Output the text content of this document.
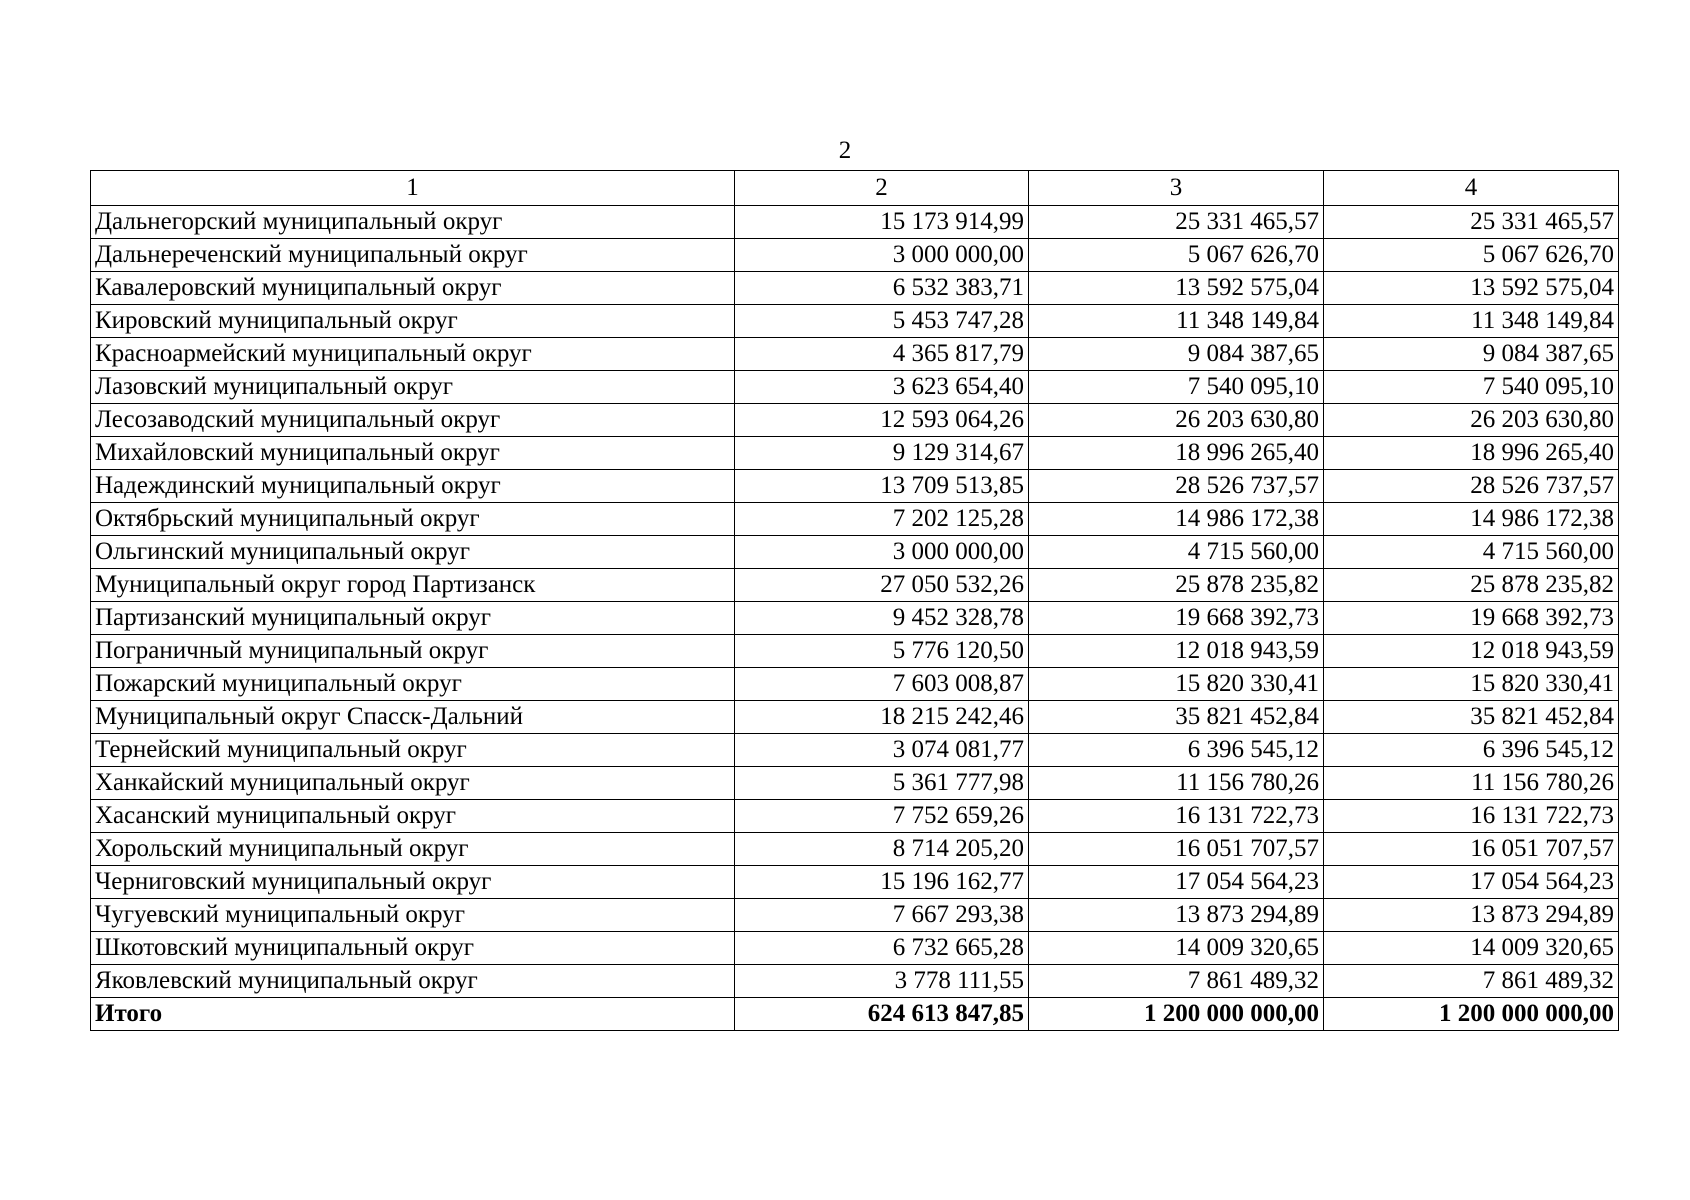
2
1	2	3	4
Дальнегорский муниципальный округ	15 173 914,99	25 331 465,57	25 331 465,57
Дальнереченский муниципальный округ	3 000 000,00	5 067 626,70	5 067 626,70
Кавалеровский муниципальный округ	6 532 383,71	13 592 575,04	13 592 575,04
Кировский муниципальный округ	5 453 747,28	11 348 149,84	11 348 149,84
Красноармейский муниципальный округ	4 365 817,79	9 084 387,65	9 084 387,65
Лазовский муниципальный округ	3 623 654,40	7 540 095,10	7 540 095,10
Лесозаводский муниципальный округ	12 593 064,26	26 203 630,80	26 203 630,80
Михайловский муниципальный округ	9 129 314,67	18 996 265,40	18 996 265,40
Надеждинский муниципальный округ	13 709 513,85	28 526 737,57	28 526 737,57
Октябрьский муниципальный округ	7 202 125,28	14 986 172,38	14 986 172,38
Ольгинский муниципальный округ	3 000 000,00	4 715 560,00	4 715 560,00
Муниципальный округ город Партизанск	27 050 532,26	25 878 235,82	25 878 235,82
Партизанский муниципальный округ	9 452 328,78	19 668 392,73	19 668 392,73
Пограничный муниципальный округ	5 776 120,50	12 018 943,59	12 018 943,59
Пожарский муниципальный округ	7 603 008,87	15 820 330,41	15 820 330,41
Муниципальный округ Спасск-Дальний	18 215 242,46	35 821 452,84	35 821 452,84
Тернейский муниципальный округ	3 074 081,77	6 396 545,12	6 396 545,12
Ханкайский муниципальный округ	5 361 777,98	11 156 780,26	11 156 780,26
Хасанский муниципальный округ	7 752 659,26	16 131 722,73	16 131 722,73
Хорольский муниципальный округ	8 714 205,20	16 051 707,57	16 051 707,57
Черниговский муниципальный округ	15 196 162,77	17 054 564,23	17 054 564,23
Чугуевский муниципальный округ	7 667 293,38	13 873 294,89	13 873 294,89
Шкотовский муниципальный округ	6 732 665,28	14 009 320,65	14 009 320,65
Яковлевский муниципальный округ	3 778 111,55	7 861 489,32	7 861 489,32
Итого	624 613 847,85	1 200 000 000,00	1 200 000 000,00
